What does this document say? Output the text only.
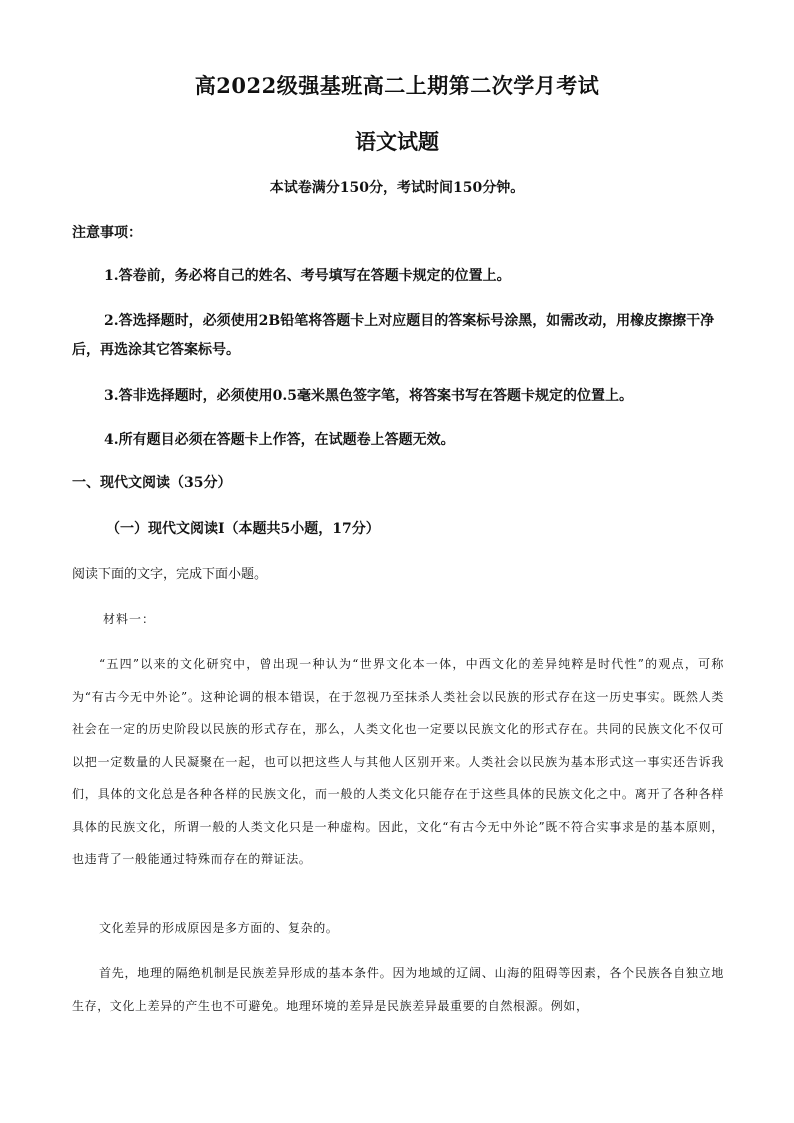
高2022级强基班高二上期第二次学月考试
语文试题
本试卷满分150分，考试时间150分钟。
注意事项：
1.答卷前，务必将自己的姓名、考号填写在答题卡规定的位置上。
2.答选择题时，必须使用2B铅笔将答题卡上对应题目的答案标号涂黑，如需改动，用橡皮擦擦干净后，再选涂其它答案标号。
3.答非选择题时，必须使用0.5毫米黑色签字笔，将答案书写在答题卡规定的位置上。
4.所有题目必须在答题卡上作答，在试题卷上答题无效。
一、现代文阅读（35分）
（一）现代文阅读Ⅰ（本题共5小题，17分）
阅读下面的文字，完成下面小题。
材料一：
“五四”以来的文化研究中，曾出现一种认为“世界文化本一体，中西文化的差异纯粹是时代性”的观点，可称为“有古今无中外论”。这种论调的根本错误，在于忽视乃至抹杀人类社会以民族的形式存在这一历史事实。既然人类社会在一定的历史阶段以民族的形式存在，那么，人类文化也一定要以民族文化的形式存在。共同的民族文化不仅可以把一定数量的人民凝聚在一起，也可以把这些人与其他人区别开来。人类社会以民族为基本形式这一事实还告诉我们，具体的文化总是各种各样的民族文化，而一般的人类文化只能存在于这些具体的民族文化之中。离开了各种各样具体的民族文化，所谓一般的人类文化只是一种虚构。因此，文化“有古今无中外论”既不符合实事求是的基本原则，也违背了一般能通过特殊而存在的辩证法。
文化差异的形成原因是多方面的、复杂的。
首先，地理的隔绝机制是民族差异形成的基本条件。因为地域的辽阔、山海的阻碍等因素，各个民族各自独立地生存，文化上差异的产生也不可避免。地理环境的差异是民族差异最重要的自然根源。例如，
